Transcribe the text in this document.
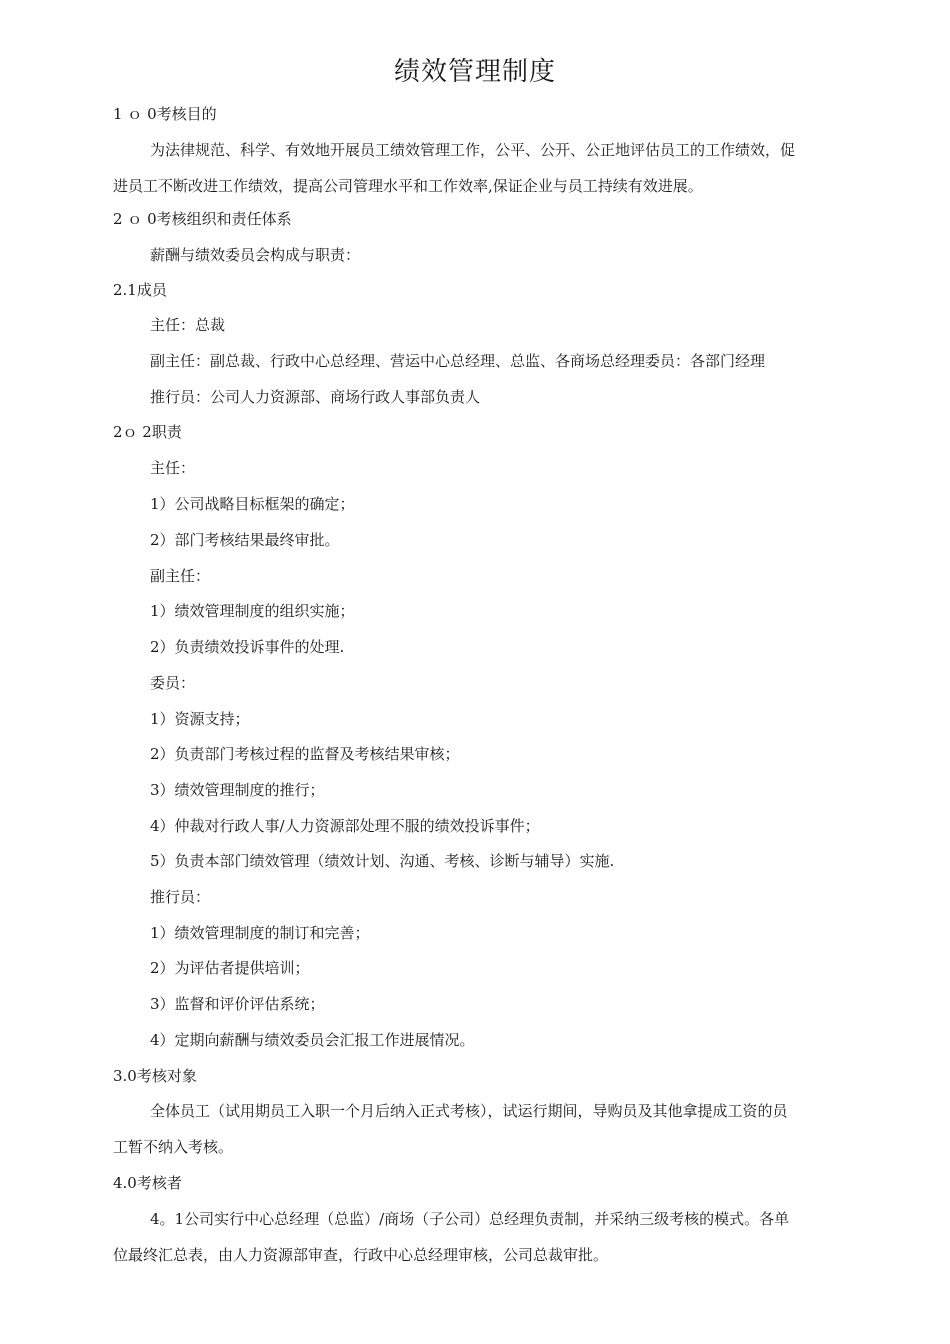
绩效管理制度
1 ｏ 0考核目的
为法律规范、科学、有效地开展员工绩效管理工作，公平、公开、公正地评估员工的工作绩效，促
进员工不断改进工作绩效，提高公司管理水平和工作效率,保证企业与员工持续有效进展。
2 ｏ 0考核组织和责任体系
薪酬与绩效委员会构成与职责：
2.1成员
主任：总裁
副主任：副总裁、行政中心总经理、营运中心总经理、总监、各商场总经理委员：各部门经理
推行员：公司人力资源部、商场行政人事部负责人
2ｏ 2职责
主任：
1）公司战略目标框架的确定；
2）部门考核结果最终审批。
副主任：
1）绩效管理制度的组织实施；
2）负责绩效投诉事件的处理.
委员：
1）资源支持；
2）负责部门考核过程的监督及考核结果审核；
3）绩效管理制度的推行；
4）仲裁对行政人事/人力资源部处理不服的绩效投诉事件；
5）负责本部门绩效管理（绩效计划、沟通、考核、诊断与辅导）实施.
推行员：
1）绩效管理制度的制订和完善；
2）为评估者提供培训；
3）监督和评价评估系统；
4）定期向薪酬与绩效委员会汇报工作进展情况。
3.0考核对象
全体员工（试用期员工入职一个月后纳入正式考核），试运行期间，导购员及其他拿提成工资的员
工暂不纳入考核。
4.0考核者
4。1公司实行中心总经理（总监）/商场（子公司）总经理负责制，并采纳三级考核的模式。各单
位最终汇总表，由人力资源部审查，行政中心总经理审核，公司总裁审批。
